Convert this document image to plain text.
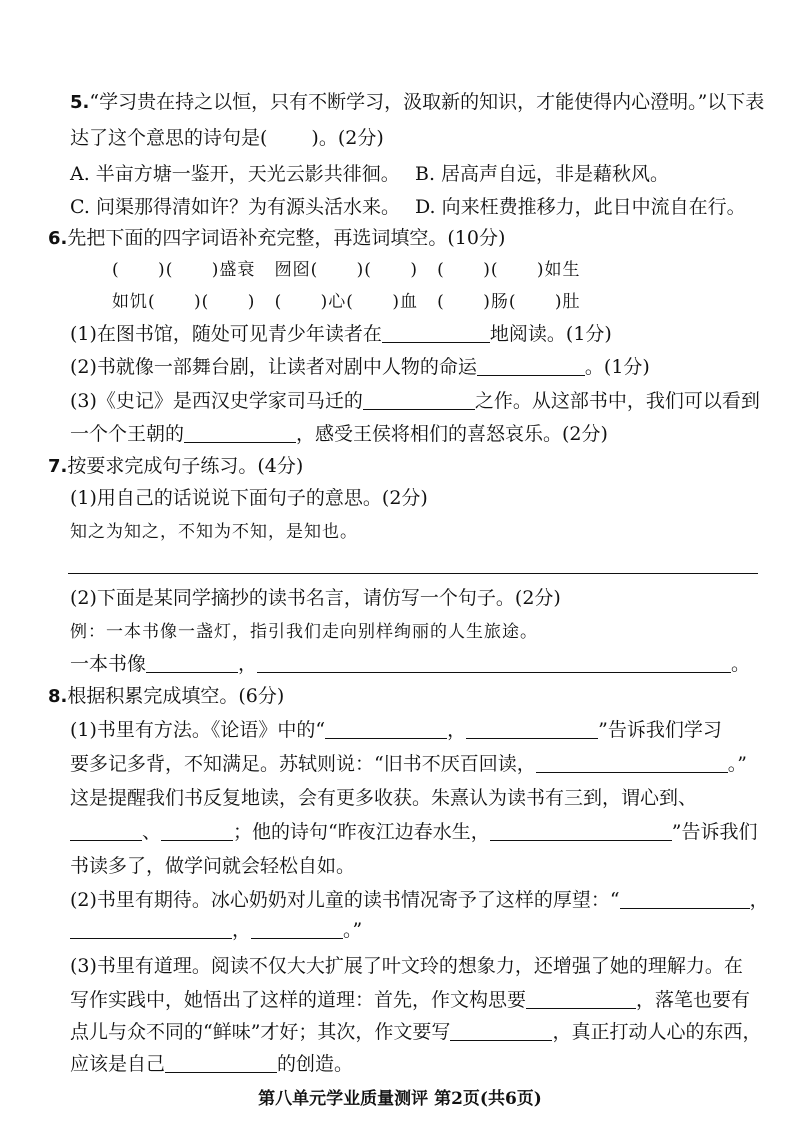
5.“学习贵在持之以恒，只有不断学习，汲取新的知识，才能使得内心澄明。”以下表
达了这个意思的诗句是( )。(2分)
A. 半亩方塘一鉴开，天光云影共徘徊。 B. 居高声自远，非是藉秋风。
C. 问渠那得清如许？为有源头活水来。 D. 向来枉费推移力，此日中流自在行。
6.先把下面的四字词语补充完整，再选词填空。(10分)
(      )(      )盛衰   囫囵(      )(      )   (      )(      )如生
如饥(      )(      )   (      )心(      )血   (      )肠(      )肚
(1)在图书馆，随处可见青少年读者在	地阅读。(1分)
(2)书就像一部舞台剧，让读者对剧中人物的命运	。(1分)
(3)《史记》是西汉史学家司马迁的	之作。从这部书中，我们可以看到
一个个王朝的	，感受王侯将相们的喜怒哀乐。(2分)
7.按要求完成句子练习。(4分)
(1)用自己的话说说下面句子的意思。(2分)
知之为知之，不知为不知，是知也。
(2)下面是某同学摘抄的读书名言，请仿写一个句子。(2分)
例：一本书像一盏灯，指引我们走向别样绚丽的人生旅途。
一本书像	，	。
8.根据积累完成填空。(6分)
(1)书里有方法。《论语》中的“	，	”告诉我们学习
要多记多背，不知满足。苏轼则说：“旧书不厌百回读，	。”
这是提醒我们书反复地读，会有更多收获。朱熹认为读书有三到，谓心到、
、	；他的诗句“昨夜江边春水生，	”告诉我们
书读多了，做学问就会轻松自如。
(2)书里有期待。冰心奶奶对儿童的读书情况寄予了这样的厚望：“	，
，	。”
(3)书里有道理。阅读不仅大大扩展了叶文玲的想象力，还增强了她的理解力。在
写作实践中，她悟出了这样的道理：首先，作文构思要	，落笔也要有
点儿与众不同的“鲜味”才好；其次，作文要写	，真正打动人心的东西，
应该是自己	的创造。
第八单元学业质量测评 第2页(共6页)
